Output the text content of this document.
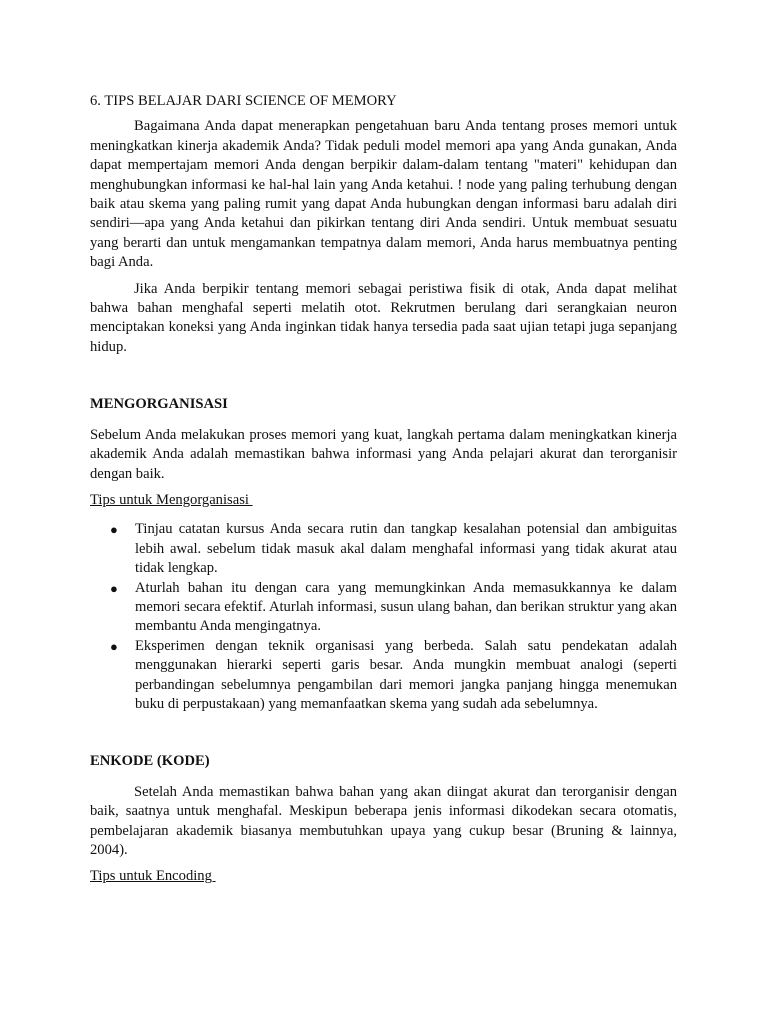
6. TIPS BELAJAR DARI SCIENCE OF MEMORY

Bagaimana Anda dapat menerapkan pengetahuan baru Anda tentang proses memori untuk meningkatkan kinerja akademik Anda? Tidak peduli model memori apa yang Anda gunakan, Anda dapat mempertajam memori Anda dengan berpikir dalam-dalam tentang "materi" kehidupan dan menghubungkan informasi ke hal-hal lain yang Anda ketahui. ! node yang paling terhubung dengan baik atau skema yang paling rumit yang dapat Anda hubungkan dengan informasi baru adalah diri sendiri—apa yang Anda ketahui dan pikirkan tentang diri Anda sendiri. Untuk membuat sesuatu yang berarti dan untuk mengamankan tempatnya dalam memori, Anda harus membuatnya penting bagi Anda.

Jika Anda berpikir tentang memori sebagai peristiwa fisik di otak, Anda dapat melihat bahwa bahan menghafal seperti melatih otot. Rekrutmen berulang dari serangkaian neuron menciptakan koneksi yang Anda inginkan tidak hanya tersedia pada saat ujian tetapi juga sepanjang hidup.

MENGORGANISASI

Sebelum Anda melakukan proses memori yang kuat, langkah pertama dalam meningkatkan kinerja akademik Anda adalah memastikan bahwa informasi yang Anda pelajari akurat dan terorganisir dengan baik.

Tips untuk Mengorganisasi
● Tinjau catatan kursus Anda secara rutin dan tangkap kesalahan potensial dan ambiguitas lebih awal. sebelum tidak masuk akal dalam menghafal informasi yang tidak akurat atau tidak lengkap.
● Aturlah bahan itu dengan cara yang memungkinkan Anda memasukkannya ke dalam memori secara efektif. Aturlah informasi, susun ulang bahan, dan berikan struktur yang akan membantu Anda mengingatnya.
● Eksperimen dengan teknik organisasi yang berbeda. Salah satu pendekatan adalah menggunakan hierarki seperti garis besar. Anda mungkin membuat analogi (seperti perbandingan sebelumnya pengambilan dari memori jangka panjang hingga menemukan buku di perpustakaan) yang memanfaatkan skema yang sudah ada sebelumnya.
ENKODE (KODE)

Setelah Anda memastikan bahwa bahan yang akan diingat akurat dan terorganisir dengan baik, saatnya untuk menghafal. Meskipun beberapa jenis informasi dikodekan secara otomatis, pembelajaran akademik biasanya membutuhkan upaya yang cukup besar (Bruning & lainnya, 2004).

Tips untuk Encoding
